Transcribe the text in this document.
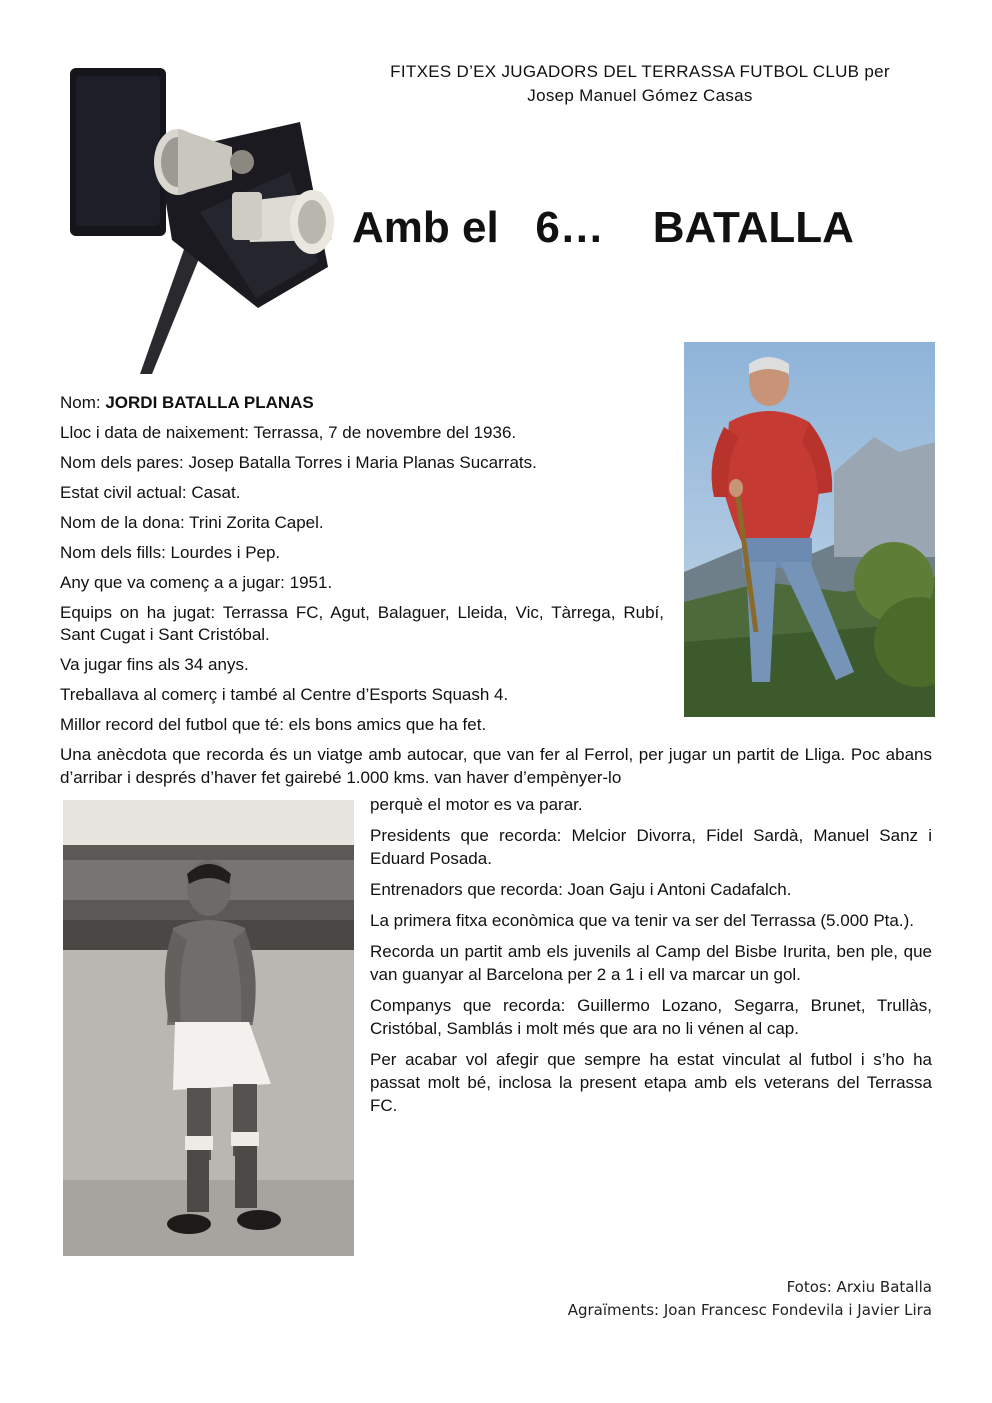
FITXES D’EX JUGADORS DEL TERRASSA FUTBOL CLUB per
Josep Manuel Gómez Casas
Amb el   6…    BATALLA

Nom: JORDI BATALLA PLANAS

Lloc i data de naixement: Terrassa, 7 de novembre del 1936.

Nom dels pares: Josep Batalla Torres i Maria Planas Sucarrats.

Estat civil actual: Casat.

Nom de la dona: Trini Zorita Capel.

Nom dels fills: Lourdes i Pep.

Any que va començ a a jugar: 1951.

Equips on ha jugat: Terrassa FC, Agut, Balaguer, Lleida, Vic, Tàrrega, Rubí, Sant Cugat i Sant Cristóbal.

Va jugar fins als 34 anys.

Treballava al comerç i també al Centre d’Esports Squash 4.

Millor record del futbol que té: els bons amics que ha fet.

Una anècdota que recorda és un viatge amb autocar, que van fer al Ferrol, per jugar un partit de Lliga. Poc abans d’arribar i després d’haver fet gairebé 1.000 kms. van haver d’empènyer-lo

perquè el motor es va parar.

Presidents que recorda: Melcior Divorra, Fidel Sardà, Manuel Sanz i Eduard Posada.

Entrenadors que recorda: Joan Gaju i Antoni Cadafalch.

La primera fitxa econòmica que va tenir va ser del Terrassa (5.000 Pta.).

Recorda un partit amb els juvenils al Camp del Bisbe Irurita, ben ple, que van guanyar al Barcelona per 2 a 1 i ell va marcar un gol.

Companys que recorda: Guillermo Lozano, Segarra, Brunet, Trullàs, Cristóbal, Samblás i molt més que ara no li vénen al cap.

Per acabar vol afegir que sempre ha estat vinculat al futbol i s’ho ha passat molt bé, inclosa la present etapa amb els veterans del Terrassa FC.

Fotos: Arxiu Batalla
Agraïments: Joan Francesc Fondevila i Javier Lira
